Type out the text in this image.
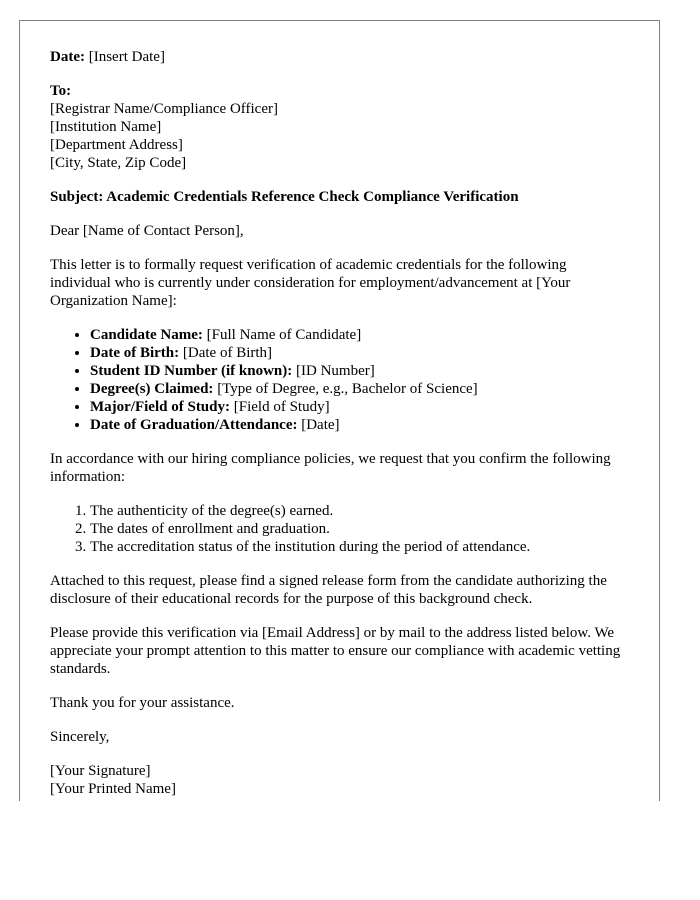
Date: [Insert Date]

To:
[Registrar Name/Compliance Officer]
[Institution Name]
[Department Address]
[City, State, Zip Code]

Subject: Academic Credentials Reference Check Compliance Verification

Dear [Name of Contact Person],

This letter is to formally request verification of academic credentials for the following individual who is currently under consideration for employment/advancement at [Your Organization Name]:

• Candidate Name: [Full Name of Candidate]
• Date of Birth: [Date of Birth]
• Student ID Number (if known): [ID Number]
• Degree(s) Claimed: [Type of Degree, e.g., Bachelor of Science]
• Major/Field of Study: [Field of Study]
• Date of Graduation/Attendance: [Date]

In accordance with our hiring compliance policies, we request that you confirm the following information:

1. The authenticity of the degree(s) earned.
2. The dates of enrollment and graduation.
3. The accreditation status of the institution during the period of attendance.

Attached to this request, please find a signed release form from the candidate authorizing the disclosure of their educational records for the purpose of this background check.

Please provide this verification via [Email Address] or by mail to the address listed below. We appreciate your prompt attention to this matter to ensure our compliance with academic vetting standards.

Thank you for your assistance.

Sincerely,

[Your Signature]
[Your Printed Name]
